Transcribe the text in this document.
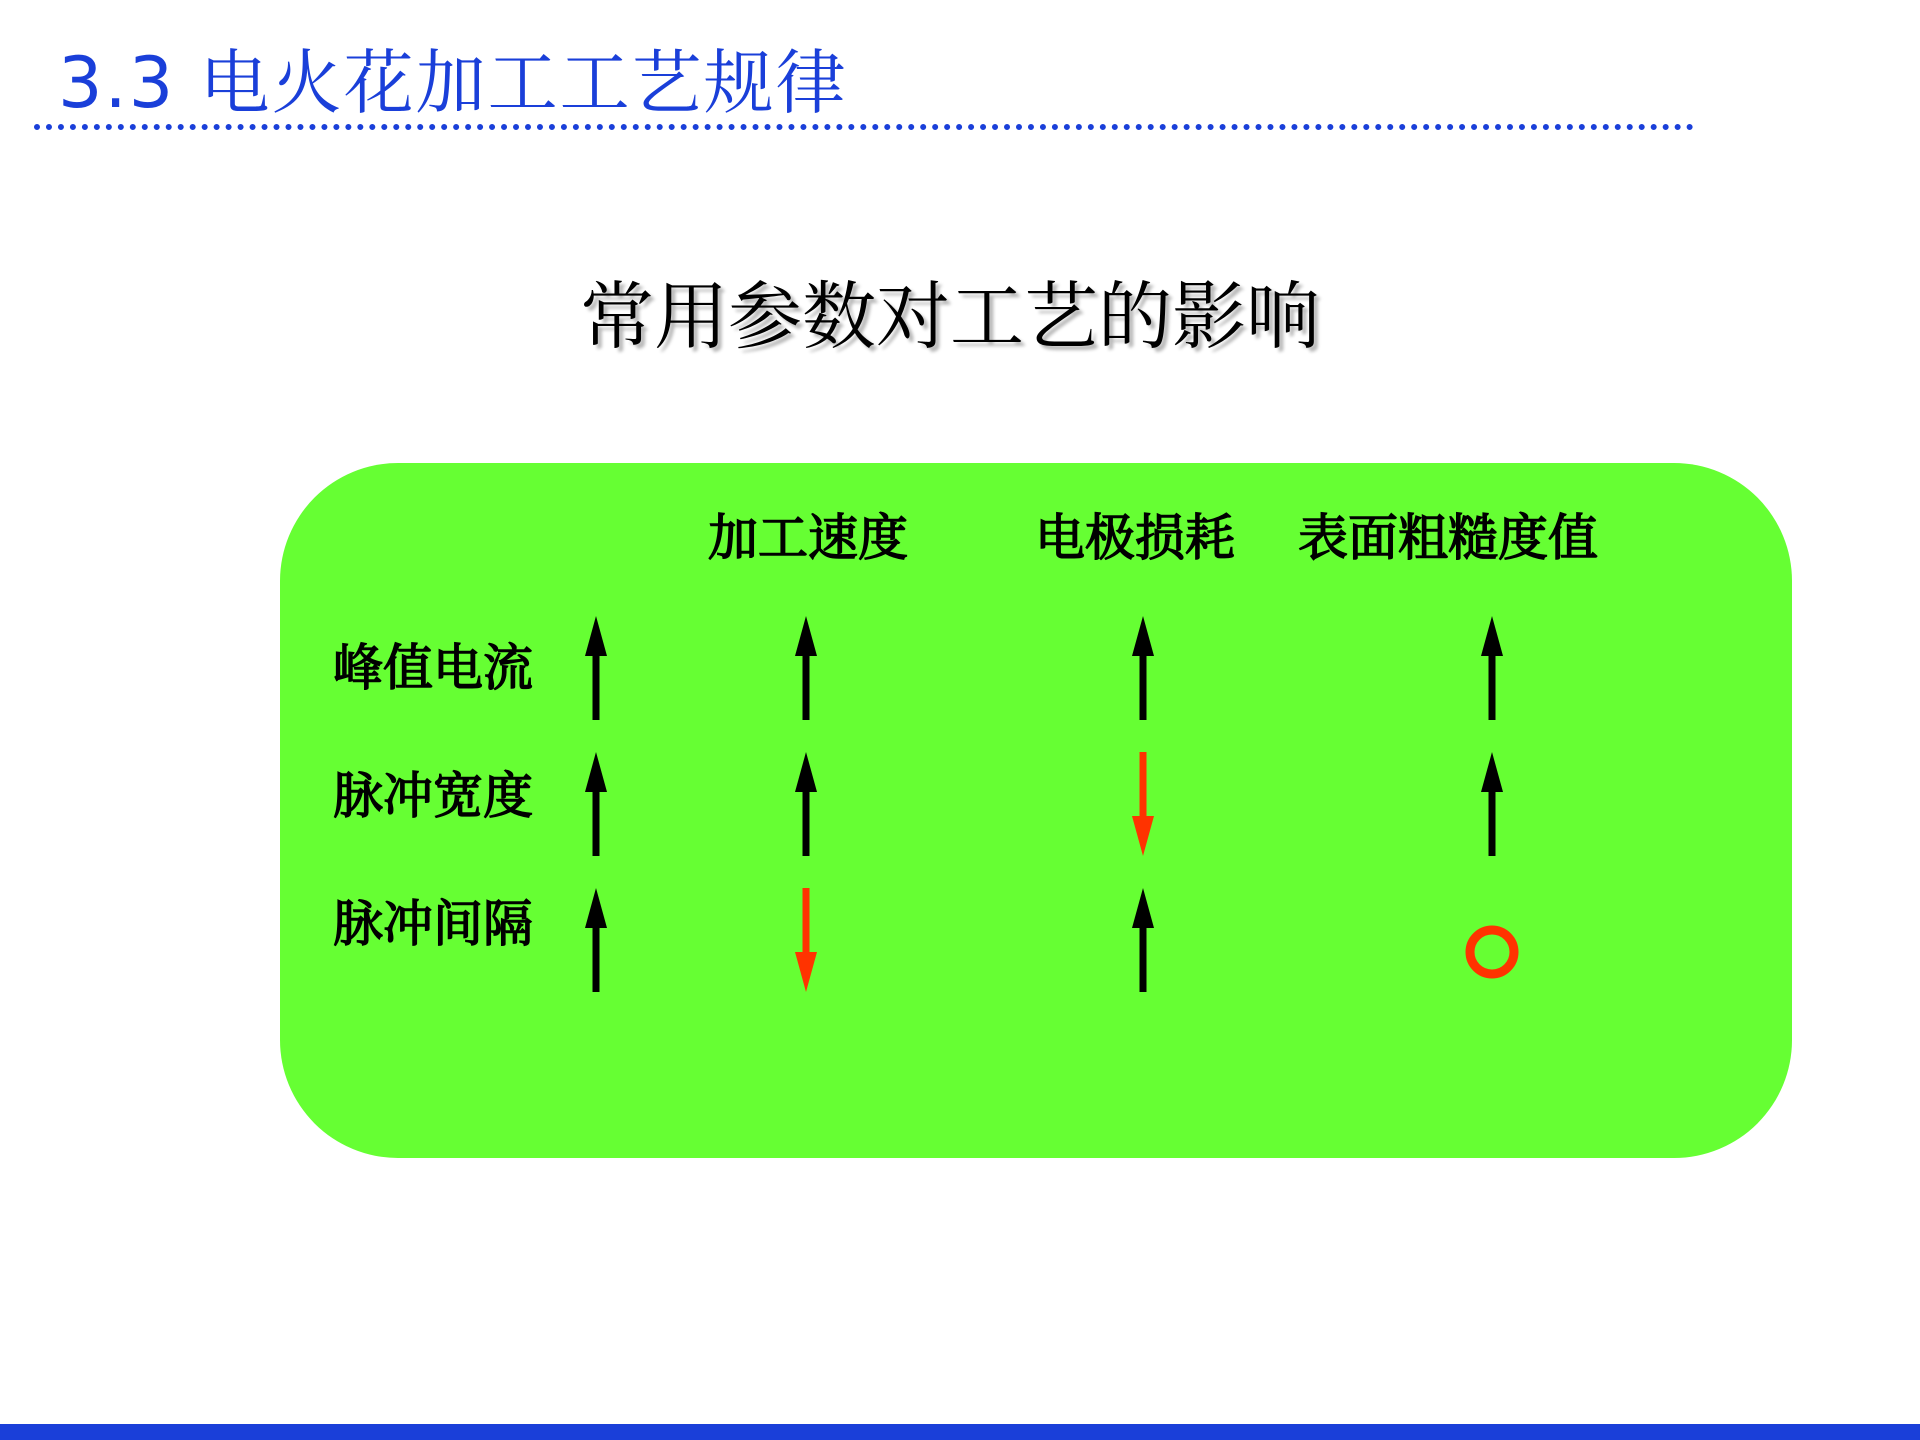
3.3 电火花加工工艺规律
常用参数对工艺的影响
加工速度	电极损耗 表面粗糙度值
峰值电流
脉冲宽度
脉冲间隔
